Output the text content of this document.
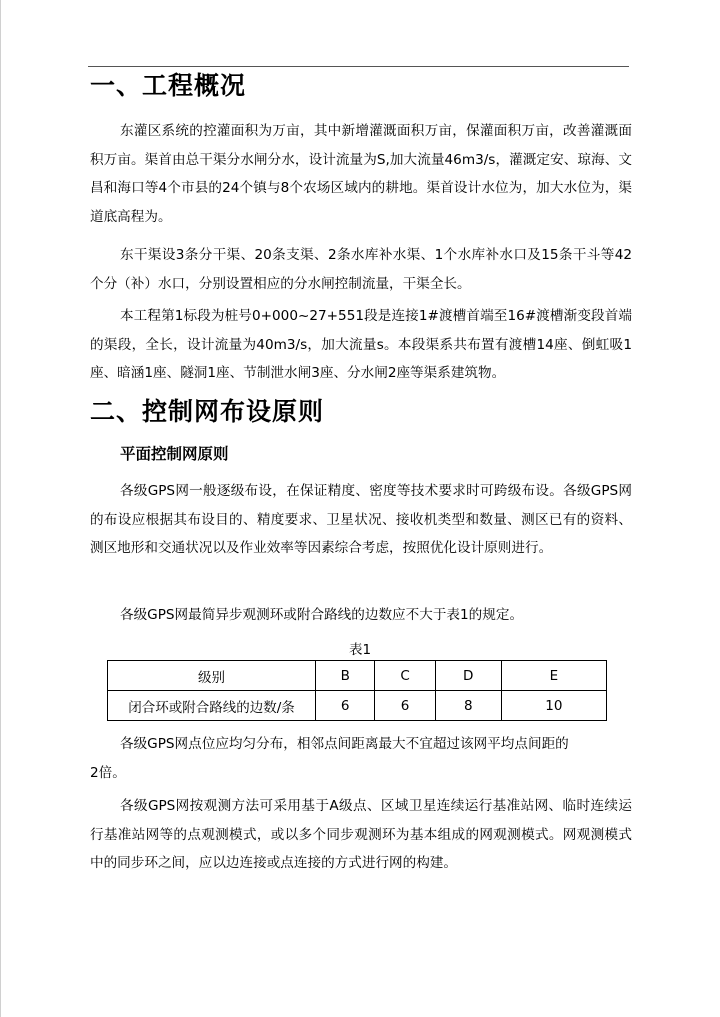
一、工程概况
东灌区系统的控灌面积为万亩，其中新增灌溉面积万亩，保灌面积万亩，改善灌溉面积万亩。渠首由总干渠分水闸分水，设计流量为S,加大流量46m3/s，灌溉定安、琼海、文昌和海口等4个市县的24个镇与8个农场区域内的耕地。渠首设计水位为，加大水位为，渠道底高程为。
东干渠设3条分干渠、20条支渠、2条水库补水渠、1个水库补水口及15条干斗等42个分（补）水口，分别设置相应的分水闸控制流量，干渠全长。
本工程第1标段为桩号0+000~27+551段是连接1#渡槽首端至16#渡槽渐变段首端的渠段，全长，设计流量为40m3/s，加大流量s。本段渠系共布置有渡槽14座、倒虹吸1座、暗涵1座、隧洞1座、节制泄水闸3座、分水闸2座等渠系建筑物。
二、控制网布设原则
平面控制网原则
各级GPS网一般逐级布设，在保证精度、密度等技术要求时可跨级布设。各级GPS网的布设应根据其布设目的、精度要求、卫星状况、接收机类型和数量、测区已有的资料、测区地形和交通状况以及作业效率等因素综合考虑，按照优化设计原则进行。
各级GPS网最简异步观测环或附合路线的边数应不大于表1的规定。
表1
级别	B	C	D	E
闭合环或附合路线的边数/条	6	6	8	10
各级GPS网点位应均匀分布，相邻点间距离最大不宜超过该网平均点间距的
2倍。
各级GPS网按观测方法可采用基于A级点、区域卫星连续运行基准站网、临时连续运行基准站网等的点观测模式，或以多个同步观测环为基本组成的网观测模式。网观测模式中的同步环之间，应以边连接或点连接的方式进行网的构建。
